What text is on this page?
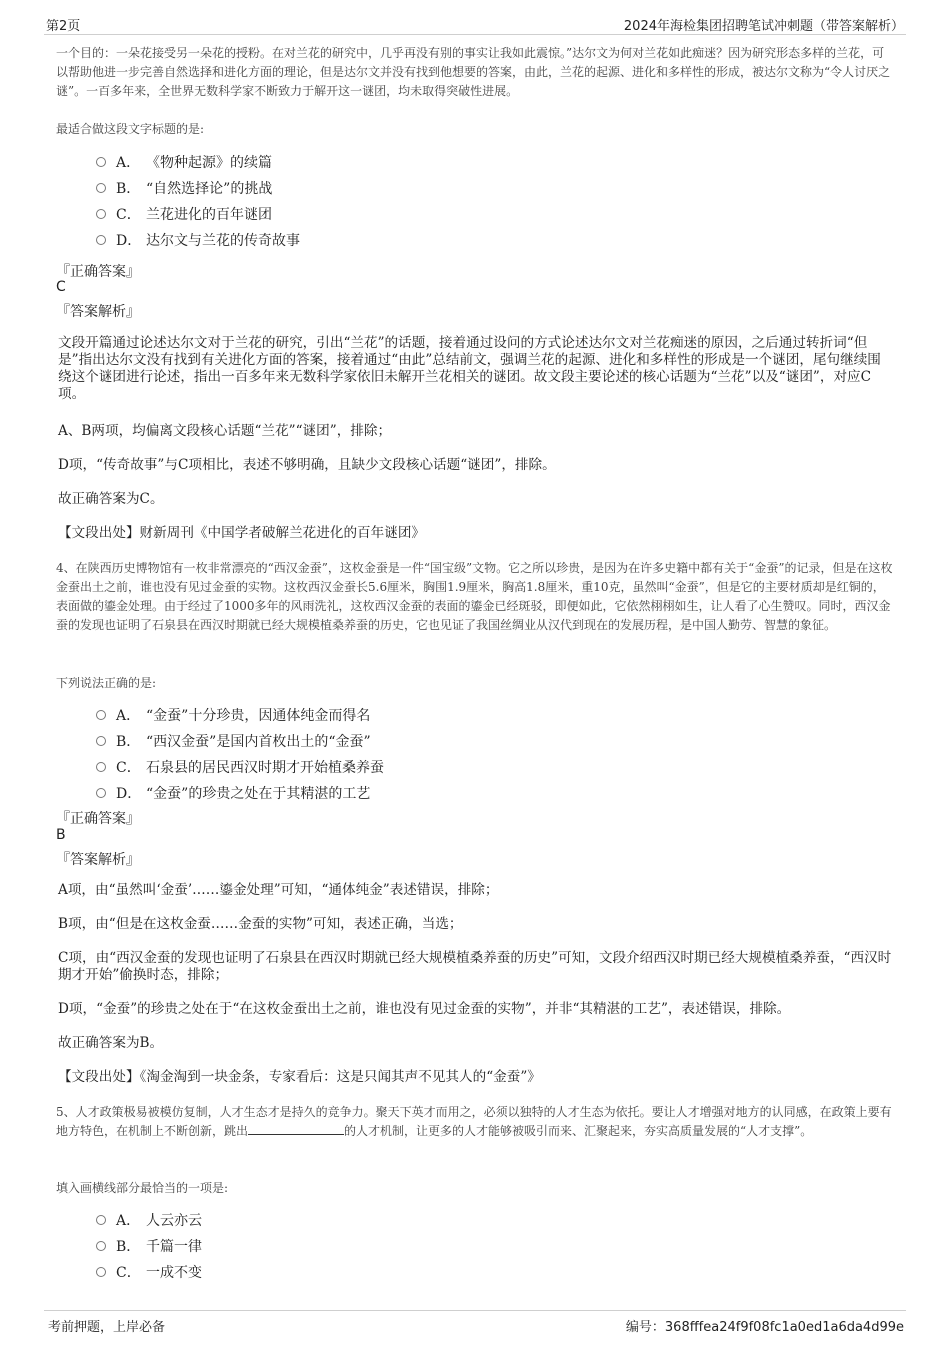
第2页	2024年海检集团招聘笔试冲刺题（带答案解析）
一个目的：一朵花接受另一朵花的授粉。在对兰花的研究中，几乎再没有别的事实让我如此震惊。”达尔文为何对兰花如此痴迷？因为研究形态多样的兰花，可以帮助他进一步完善自然选择和进化方面的理论，但是达尔文并没有找到他想要的答案，由此，兰花的起源、进化和多样性的形成，被达尔文称为“令人讨厌之谜”。一百多年来，全世界无数科学家不断致力于解开这一谜团，均未取得突破性进展。
最适合做这段文字标题的是:
A． 《物种起源》的续篇
B． “自然选择论”的挑战
C． 兰花进化的百年谜团
D． 达尔文与兰花的传奇故事
『正确答案』
C
『答案解析』
文段开篇通过论述达尔文对于兰花的研究，引出“兰花”的话题，接着通过设问的方式论述达尔文对兰花痴迷的原因，之后通过转折词“但是”指出达尔文没有找到有关进化方面的答案，接着通过“由此”总结前文，强调兰花的起源、进化和多样性的形成是一个谜团，尾句继续围绕这个谜团进行论述，指出一百多年来无数科学家依旧未解开兰花相关的谜团。故文段主要论述的核心话题为“兰花”以及“谜团”，对应C项。
A、B两项，均偏离文段核心话题“兰花”“谜团”，排除；
D项，“传奇故事”与C项相比，表述不够明确，且缺少文段核心话题“谜团”，排除。
故正确答案为C。
【文段出处】财新周刊《中国学者破解兰花进化的百年谜团》
4、在陕西历史博物馆有一枚非常漂亮的“西汉金蚕”，这枚金蚕是一件“国宝级”文物。它之所以珍贵，是因为在许多史籍中都有关于“金蚕”的记录，但是在这枚金蚕出土之前，谁也没有见过金蚕的实物。这枚西汉金蚕长5.6厘米，胸围1.9厘米，胸高1.8厘米，重10克，虽然叫“金蚕”，但是它的主要材质却是红铜的，表面做的鎏金处理。由于经过了1000多年的风雨洗礼，这枚西汉金蚕的表面的鎏金已经斑驳，即便如此，它依然栩栩如生，让人看了心生赞叹。同时，西汉金蚕的发现也证明了石泉县在西汉时期就已经大规模植桑养蚕的历史，它也见证了我国丝绸业从汉代到现在的发展历程，是中国人勤劳、智慧的象征。
下列说法正确的是:
A． “金蚕”十分珍贵，因通体纯金而得名
B． “西汉金蚕”是国内首枚出土的“金蚕”
C． 石泉县的居民西汉时期才开始植桑养蚕
D． “金蚕”的珍贵之处在于其精湛的工艺
『正确答案』
B
『答案解析』
A项，由“虽然叫‘金蚕’……鎏金处理”可知，“通体纯金”表述错误，排除；
B项，由“但是在这枚金蚕……金蚕的实物”可知，表述正确，当选；
C项，由“西汉金蚕的发现也证明了石泉县在西汉时期就已经大规模植桑养蚕的历史”可知，文段介绍西汉时期已经大规模植桑养蚕，“西汉时期才开始”偷换时态，排除；
D项，“金蚕”的珍贵之处在于“在这枚金蚕出土之前，谁也没有见过金蚕的实物”，并非“其精湛的工艺”，表述错误，排除。
故正确答案为B。
【文段出处】《淘金淘到一块金条，专家看后：这是只闻其声不见其人的“金蚕”》
5、人才政策极易被模仿复制，人才生态才是持久的竞争力。聚天下英才而用之，必须以独特的人才生态为依托。要让人才增强对地方的认同感，在政策上要有地方特色，在机制上不断创新，跳出	的人才机制，让更多的人才能够被吸引而来、汇聚起来，夯实高质量发展的“人才支撑”。
填入画横线部分最恰当的一项是:
A． 人云亦云
B． 千篇一律
C． 一成不变
考前押题，上岸必备	编号：368fffea24f9f08fc1a0ed1a6da4d99e
